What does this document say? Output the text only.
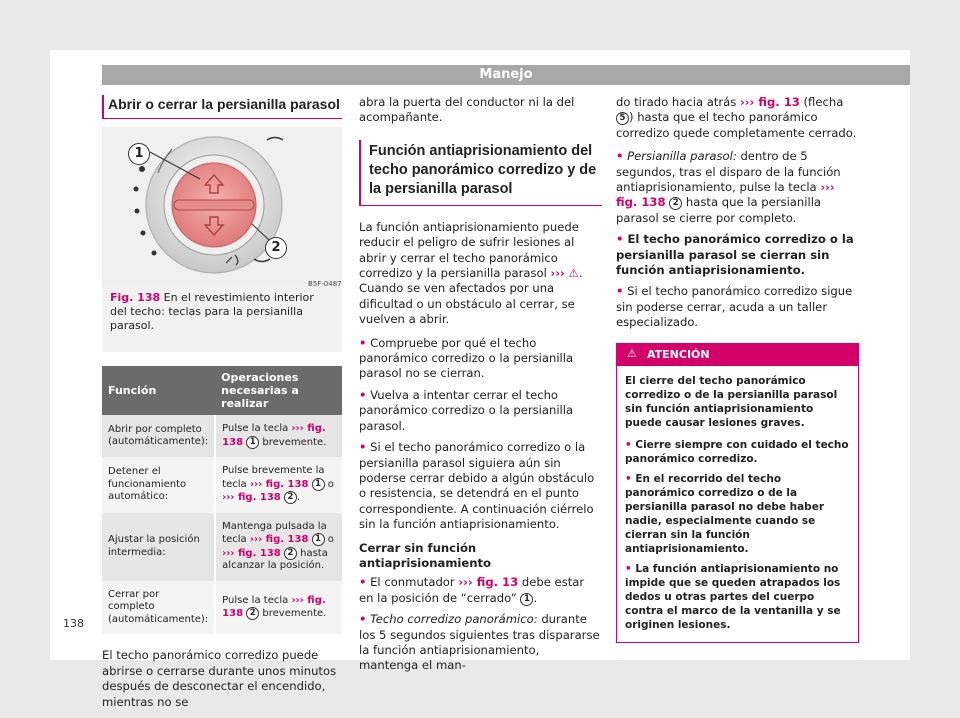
Manejo
Abrir o cerrar la persianilla parasol
1
2
B5F-0487
Fig. 138 En el revestimiento interior del techo: teclas para la persianilla parasol.
Función	Operaciones necesarias a realizar
Abrir por completo (automáticamente):	Pulse la tecla ››› fig. 138 1 brevemente.
Detener el funcionamiento automático:	Pulse brevemente la tecla ››› fig. 138 1 o ››› fig. 138 2 .
Ajustar la posición intermedia:	Mantenga pulsada la tecla ››› fig. 138 1 o ››› fig. 138 2 hasta alcanzar la posición.
Cerrar por completo (automáticamente):	Pulse la tecla ››› fig. 138 2 brevemente.

El techo panorámico corredizo puede abrirse o cerrarse durante unos minutos después de desconectar el encendido, mientras no se

abra la puerta del conductor ni la del acompañante.

Función antiaprisionamiento del techo panorámico corredizo y de la persianilla parasol

La función antiaprisionamiento puede reducir el peligro de sufrir lesiones al abrir y cerrar el techo panorámico corredizo y la persianilla parasol ››› ⚠. Cuando se ven afectados por una dificultad o un obstáculo al cerrar, se vuelven a abrir.

• Compruebe por qué el techo panorámico corredizo o la persianilla parasol no se cierran.

• Vuelva a intentar cerrar el techo panorámico corredizo o la persianilla parasol.

• Si el techo panorámico corredizo o la persianilla parasol siguiera aún sin poderse cerrar debido a algún obstáculo o resistencia, se detendrá en el punto correspondiente. A continuación ciérrelo sin la función antiaprisionamiento.

Cerrar sin función antiaprisionamiento

• El conmutador ››› fig. 13 debe estar en la posición de “cerrado” 1 .

• Techo corredizo panorámico: durante los 5 segundos siguientes tras dispararse la función antiaprisionamiento, mantenga el man-

do tirado hacia atrás ››› fig. 13 (flecha 5 ) hasta que el techo panorámico corredizo quede completamente cerrado.

• Persianilla parasol: dentro de 5 segundos, tras el disparo de la función antiaprisionamiento, pulse la tecla ››› fig. 138 2 hasta que la persianilla parasol se cierre por completo.

• El techo panorámico corredizo o la persianilla parasol se cierran sin función antiaprisionamiento.

• Si el techo panorámico corredizo sigue sin poderse cerrar, acuda a un taller especializado.

⚠ ATENCIÓN

El cierre del techo panorámico corredizo o de la persianilla parasol sin función antiaprisionamiento puede causar lesiones graves.

• Cierre siempre con cuidado el techo panorámico corredizo.

• En el recorrido del techo panorámico corredizo o de la persianilla parasol no debe haber nadie, especialmente cuando se cierran sin la función antiaprisionamiento.

• La función antiaprisionamiento no impide que se queden atrapados los dedos u otras partes del cuerpo contra el marco de la ventanilla y se originen lesiones.

138
